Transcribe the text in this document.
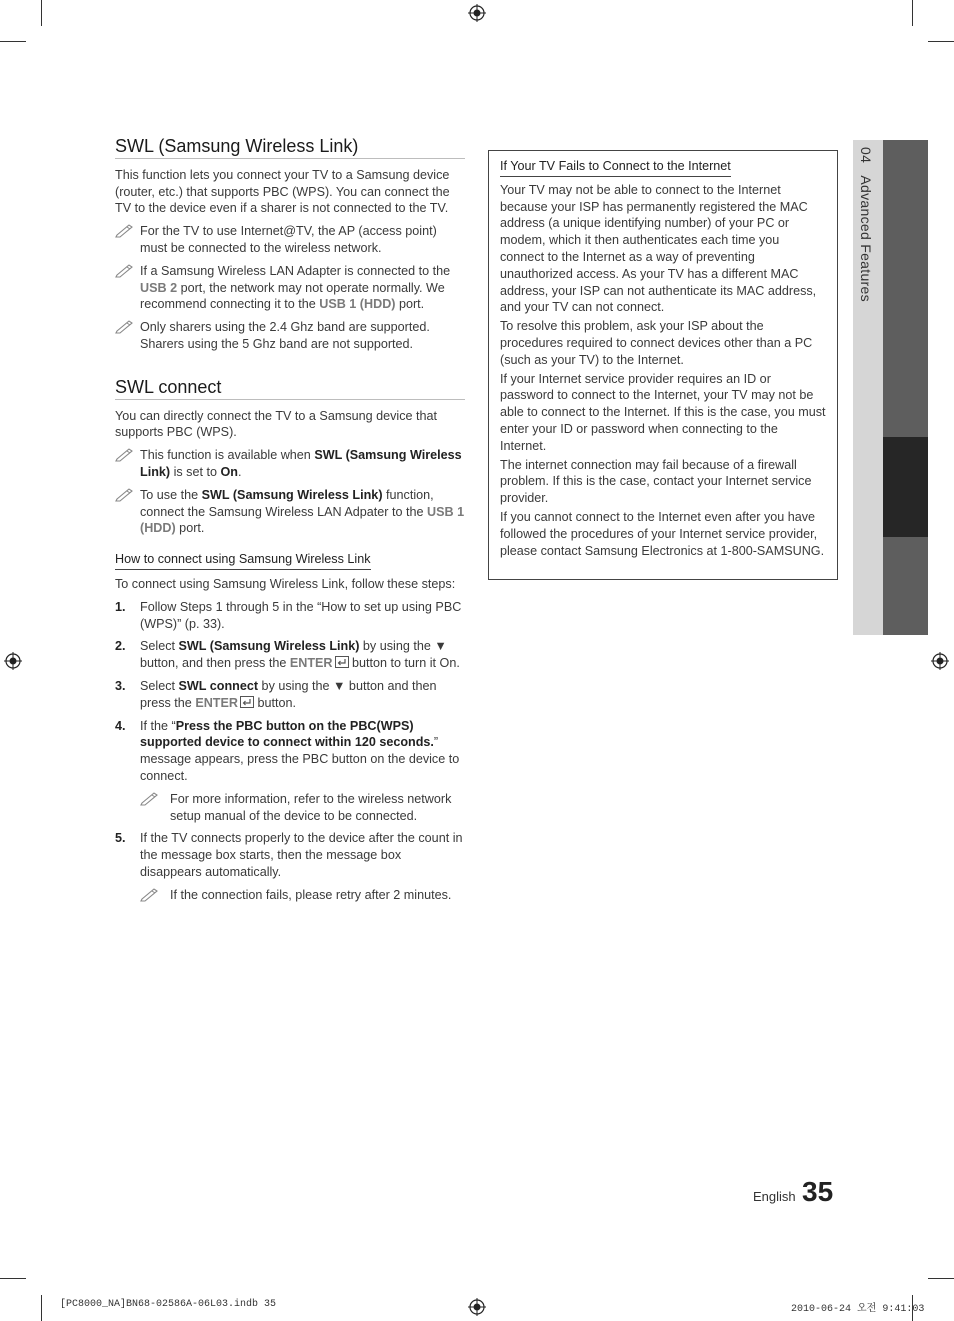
SWL (Samsung Wireless Link)

This function lets you connect your TV to a Samsung device (router, etc.) that supports PBC (WPS). You can connect the TV to the device even if a sharer is not connected to the TV.

For the TV to use Internet@TV, the AP (access point) must be connected to the wireless network.
If a Samsung Wireless LAN Adapter is connected to the USB 2 port, the network may not operate normally. We recommend connecting it to the USB 1 (HDD) port.
Only sharers using the 2.4 Ghz band are supported. Sharers using the 5 Ghz band are not supported.
SWL connect

You can directly connect the TV to a Samsung device that supports PBC (WPS).

This function is available when SWL (Samsung Wireless Link) is set to On.
To use the SWL (Samsung Wireless Link) function, connect the Samsung Wireless LAN Adpater to the USB 1 (HDD) port.
How to connect using Samsung Wireless Link

To connect using Samsung Wireless Link, follow these steps:

1. Follow Steps 1 through 5 in the “How to set up using PBC (WPS)” (p. 33).
2. Select SWL (Samsung Wireless Link) by using the ▼ button, and then press the ENTER button to turn it On.
3. Select SWL connect by using the ▼ button and then press the ENTER button.
4. If the “Press the PBC button on the PBC(WPS) supported device to connect within 120 seconds.” message appears, press the PBC button on the device to connect.
For more information, refer to the wireless network setup manual of the device to be connected.
5. If the TV connects properly to the device after the count in the message box starts, then the message box disappears automatically.
If the connection fails, please retry after 2 minutes.
If Your TV Fails to Connect to the Internet

Your TV may not be able to connect to the Internet because your ISP has permanently registered the MAC address (a unique identifying number) of your PC or modem, which it then authenticates each time you connect to the Internet as a way of preventing unauthorized access. As your TV has a different MAC address, your ISP can not authenticate its MAC address, and your TV can not connect.

To resolve this problem, ask your ISP about the procedures required to connect devices other than a PC (such as your TV) to the Internet.

If your Internet service provider requires an ID or password to connect to the Internet, your TV may not be able to connect to the Internet. If this is the case, you must enter your ID or password when connecting to the Internet.

The internet connection may fail because of a firewall problem. If this is the case, contact your Internet service provider.

If you cannot connect to the Internet even after you have followed the procedures of your Internet service provider, please contact Samsung Electronics at 1-800-SAMSUNG.

04 Advanced Features
English 35
[PC8000_NA]BN68-02586A-06L03.indb 35	2010-06-24 오전 9:41:03
